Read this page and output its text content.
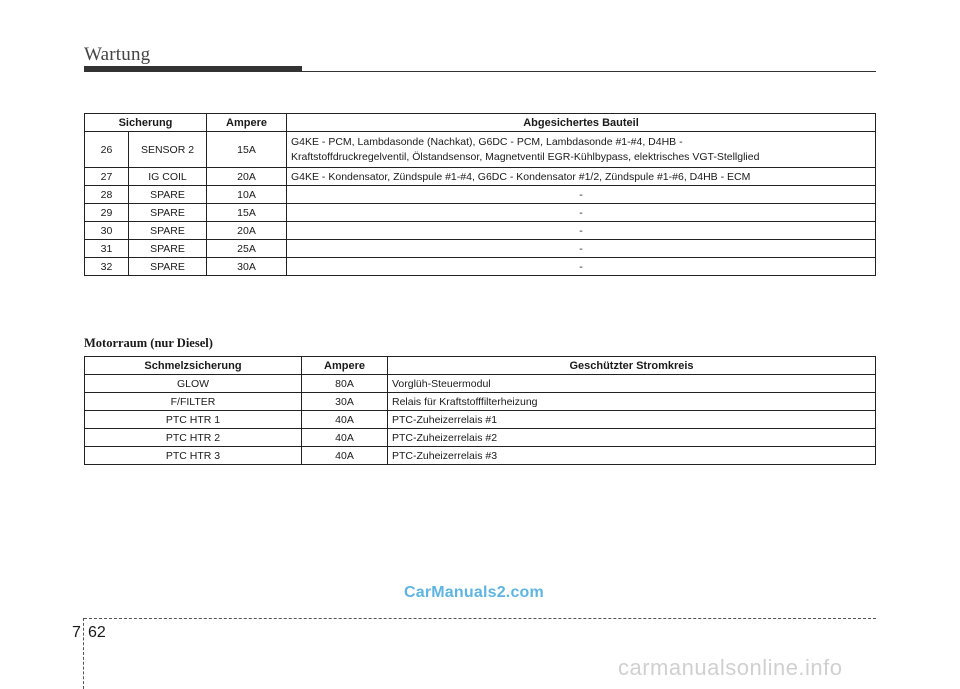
Wartung
Sicherung		Ampere	Abgesichertes Bauteil
26	SENSOR 2	15A	G4KE - PCM, Lambdasonde (Nachkat), G6DC - PCM, Lambdasonde #1-#4, D4HB -
Kraftstoffdruckregelventil, Ölstandsensor, Magnetventil EGR-Kühlbypass, elektrisches VGT-Stellglied

27	IG COIL	20A	G4KE - Kondensator, Zündspule #1-#4, G6DC - Kondensator #1/2, Zündspule #1-#6, D4HB - ECM
28	SPARE	10A	-
29	SPARE	15A	-
30	SPARE	20A	-
31	SPARE	25A	-
32	SPARE	30A	-
Motorraum (nur Diesel)
Schmelzsicherung	Ampere	Geschützter Stromkreis
GLOW	80A	Vorglüh-Steuermodul
F/FILTER	30A	Relais für Kraftstofffilterheizung
PTC HTR 1	40A	PTC-Zuheizerrelais #1
PTC HTR 2	40A	PTC-Zuheizerrelais #2
PTC HTR 3	40A	PTC-Zuheizerrelais #3
CarManuals2.com
7 62
carmanualsonline.info
